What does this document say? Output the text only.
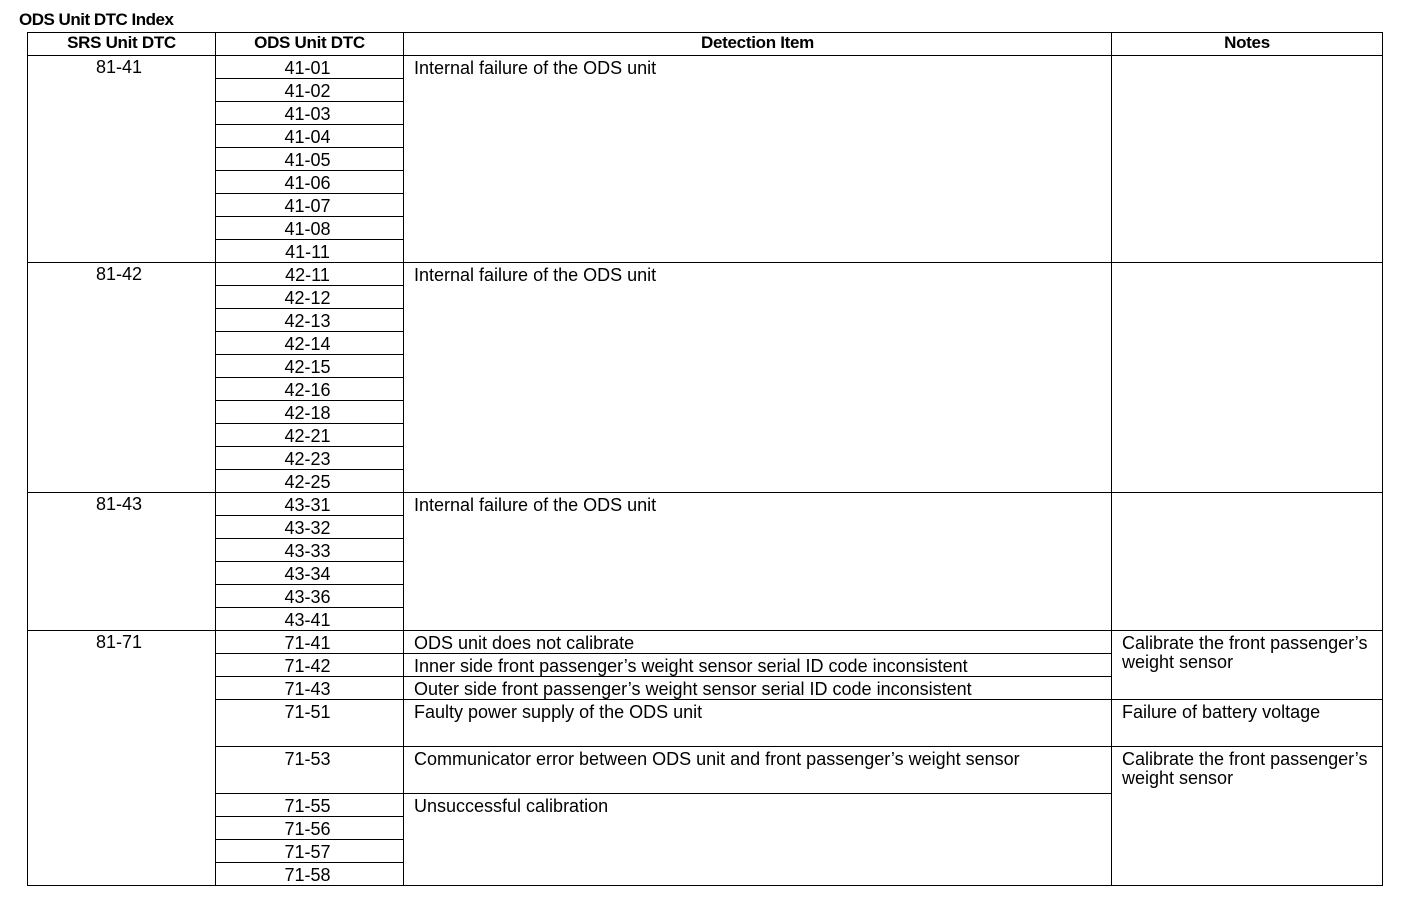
ODS Unit DTC Index
SRS Unit DTC	ODS Unit DTC	Detection Item	Notes

81-41	41-01	Internal failure of the ODS unit	

	41-02		

	41-03		

	41-04		

	41-05		

	41-06		

	41-07		

	41-08		

	41-11		

81-42	42-11	Internal failure of the ODS unit	

	42-12		

	42-13		

	42-14		

	42-15		

	42-16		

	42-18		

	42-21		

	42-23		

	42-25		

81-43	43-31	Internal failure of the ODS unit	

	43-32		

	43-33		

	43-34		

	43-36		

	43-41		

81-71	71-41	ODS unit does not calibrate	Calibrate the front passenger’s weight sensor

	71-42	Inner side front passenger’s weight sensor serial ID code inconsistent	

	71-43	Outer side front passenger’s weight sensor serial ID code inconsistent	

	71-51	Faulty power supply of the ODS unit	Failure of battery voltage

	71-53	Communicator error between ODS unit and front passenger’s weight sensor	Calibrate the front passenger’s weight sensor

	71-55	Unsuccessful calibration	

	71-56		

	71-57		

	71-58		
